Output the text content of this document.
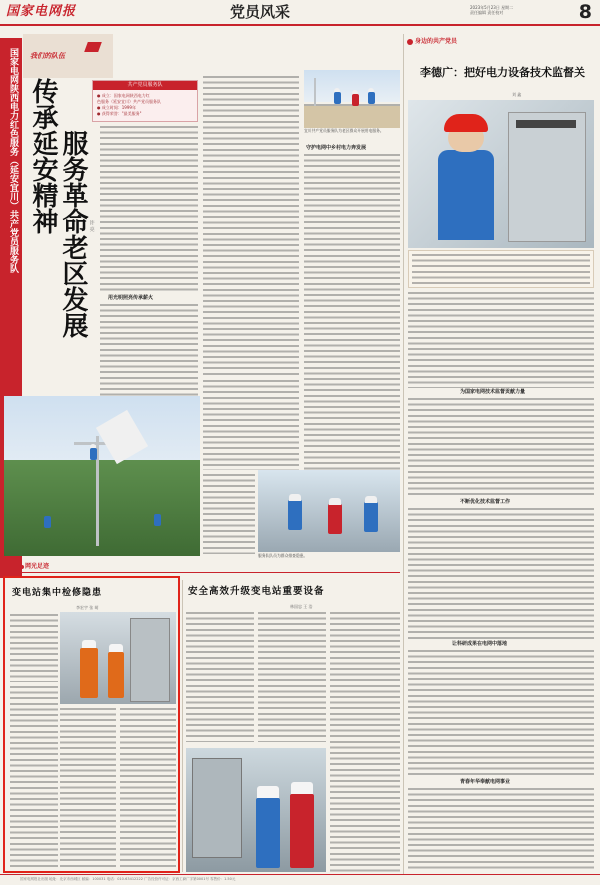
国家电网报	党员风采	2023年5月23日 星期二
责任编辑 责任校对	8
我们的队伍
国家电网陕西电力红色服务（延安宜川）共产党员服务队 传承延安精神 服务革命老区发展 许 亮
共产党员服务队
● 成立：国家电网陕西电力红
色服务（延安宜川）共产党员服务队
● 成立时间：1999年
● 获得荣誉："最美服务"
用光明照亮传承薪火
宜川共产党员服务队为老区群众开展用电服务。
守护电网中乡村电力奔发展
服务队队员为群众排查隐患。
身边的共产党员
李德广：把好电力设备技术监督关
刘 鑫
为国家电网技术监督贡献力量
不断优化技术监督工作
让科研成果在电网中落地
青春年华奉献电网事业
网光足迹
变电站集中检修隐患
李宏宇 张 萌
安全高效升级变电站重要设备
林国忠 王 浩
国家电网报社出版 地址：北京市西城区 邮编：100031 电话：010-63412222 广告经营许可证：京西工商广字第0001号 零售价：1.50元
